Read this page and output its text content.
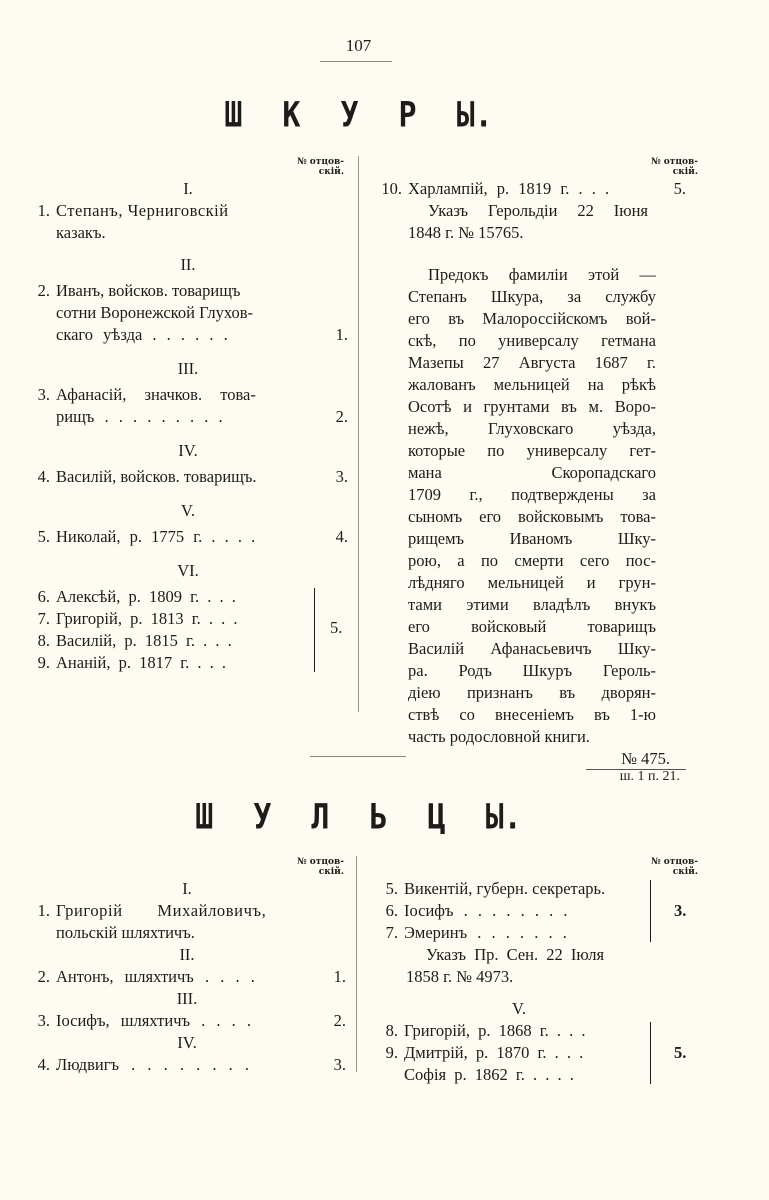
107
Ш К У Р Ы.
№ отцов-
скій.
№ отцов-
скій.
I.
1. Степанъ, Черниговскій
казакъ.
II.
2. Иванъ, войсков. товарищъ
сотни Воронежской Глухов-
скаго уѣзда . . . . . .	1.
III.
3. Афанасій, значков. това-
рищъ . . . . . . . . .	2.
IV.
4. Василій, войсков. товарищъ.	3.
V.
5. Николай, р. 1775 г. . . . .	4.
VI.
6. Алексѣй, р. 1809 г. . . .
7. Григорій, р. 1813 г. . . .
8. Василій, р. 1815 г. . . .
9. Ананій, р. 1817 г. . . .
5.
10. Харлампій, р. 1819 г. . . .	5.
Указъ Герольдіи 22 Іюня
1848 г. № 15765.
Предокъ фамиліи этой —
Степанъ Шкура, за службу
его въ Малороссійскомъ вой-
скѣ, по универсалу гетмана
Мазепы 27 Августа 1687 г.
жалованъ мельницей на рѣкѣ
Осотѣ и грунтами въ м. Воро-
нежѣ, Глуховскаго уѣзда,
которые по универсалу гет-
мана Скоропадскаго
1709 г., подтверждены за
сыномъ его войсковымъ това-
рищемъ Иваномъ Шку-
рою, а по смерти сего пос-
лѣдняго мельницей и грун-
тами этими владѣлъ внукъ
его войсковый товарищъ
Василій Афанасьевичъ Шку-
ра. Родъ Шкуръ Героль-
діею признанъ въ дворян-
ствѣ со внесеніемъ въ 1-ю
часть родословной книги.
№ 475.
ш. 1 п. 21.
Ш У Л Ь Ц Ы.
№ отцов-
скій.
№ отцов-
скій.
I.
1. Григорій Михайловичъ,
польскій шляхтичъ.
II.
2. Антонъ, шляхтичъ . . . .	1.
III.
3. Іосифъ, шляхтичъ . . . .	2.
IV.
4. Людвигъ . . . . . . . .	3.
5. Викентій, губерн. секретарь.
6. Іосифъ . . . . . . . .
7. Эмеринъ . . . . . . .
3.
Указъ Пр. Сен. 22 Іюля
1858 г. № 4973.
V.
8. Григорій, р. 1868 г. . . .
9. Дмитрій, р. 1870 г. . . .
Софія р. 1862 г. . . . .
5.
